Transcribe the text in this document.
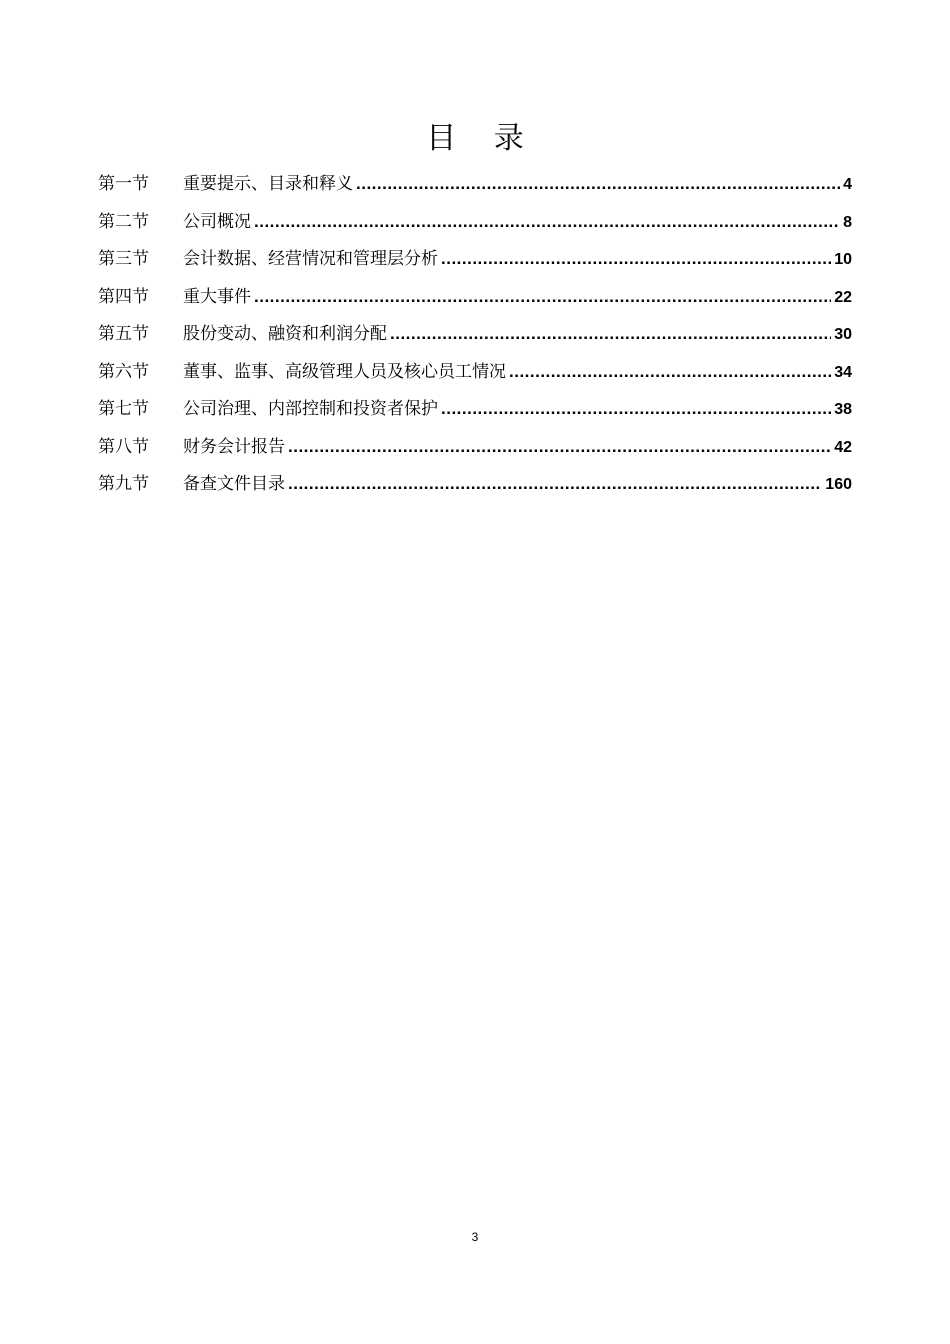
目 录
第一节	重要提示、目录和释义 .....	4
第二节	公司概况 .....	8
第三节	会计数据、经营情况和管理层分析 .....	10
第四节	重大事件 .....	22
第五节	股份变动、融资和利润分配 .....	30
第六节	董事、监事、高级管理人员及核心员工情况 .....	34
第七节	公司治理、内部控制和投资者保护 .....	38
第八节	财务会计报告 .....	42
第九节	备查文件目录 .....	160
3
